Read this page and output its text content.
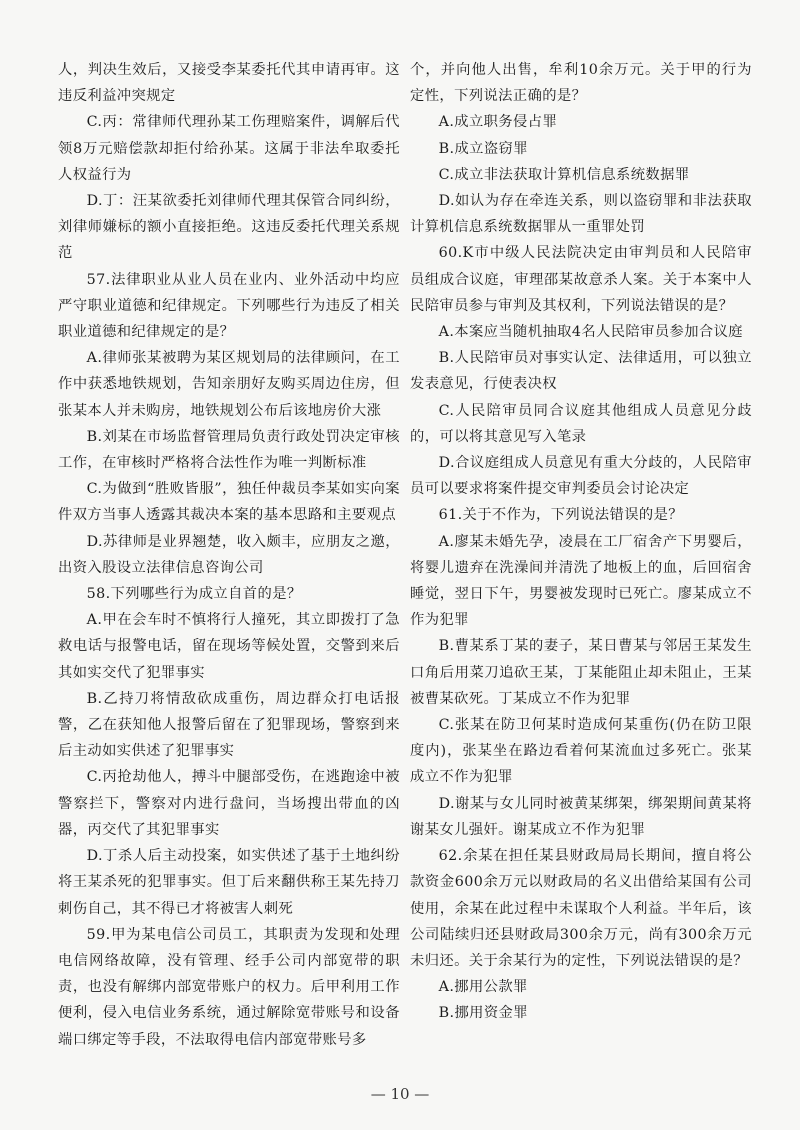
人，判决生效后，又接受李某委托代其申请再审。这违反利益冲突规定

C.丙：常律师代理孙某工伤理赔案件，调解后代领8万元赔偿款却拒付给孙某。这属于非法牟取委托人权益行为

D.丁：汪某欲委托刘律师代理其保管合同纠纷，刘律师嫌标的额小直接拒绝。这违反委托代理关系规范

57.法律职业从业人员在业内、业外活动中均应严守职业道德和纪律规定。下列哪些行为违反了相关职业道德和纪律规定的是？

A.律师张某被聘为某区规划局的法律顾问，在工作中获悉地铁规划，告知亲朋好友购买周边住房，但张某本人并未购房，地铁规划公布后该地房价大涨

B.刘某在市场监督管理局负责行政处罚决定审核工作，在审核时严格将合法性作为唯一判断标准

C.为做到“胜败皆服”，独任仲裁员李某如实向案件双方当事人透露其裁决本案的基本思路和主要观点

D.苏律师是业界翘楚，收入颇丰，应朋友之邀，出资入股设立法律信息咨询公司

58.下列哪些行为成立自首的是？

A.甲在会车时不慎将行人撞死，其立即拨打了急救电话与报警电话，留在现场等候处置，交警到来后其如实交代了犯罪事实

B.乙持刀将情敌砍成重伤，周边群众打电话报警，乙在获知他人报警后留在了犯罪现场，警察到来后主动如实供述了犯罪事实

C.丙抢劫他人，搏斗中腿部受伤，在逃跑途中被警察拦下，警察对内进行盘问，当场搜出带血的凶器，丙交代了其犯罪事实

D.丁杀人后主动投案，如实供述了基于土地纠纷将王某杀死的犯罪事实。但丁后来翻供称王某先持刀刺伤自己，其不得已才将被害人刺死

59.甲为某电信公司员工，其职责为发现和处理电信网络故障，没有管理、经手公司内部宽带的职责，也没有解绑内部宽带账户的权力。后甲利用工作便利，侵入电信业务系统，通过解除宽带账号和设备端口绑定等手段，不法取得电信内部宽带账号多

个，并向他人出售，牟利10余万元。关于甲的行为定性，下列说法正确的是？

A.成立职务侵占罪

B.成立盗窃罪

C.成立非法获取计算机信息系统数据罪

D.如认为存在牵连关系，则以盗窃罪和非法获取计算机信息系统数据罪从一重罪处罚

60.K市中级人民法院决定由审判员和人民陪审员组成合议庭，审理邵某故意杀人案。关于本案中人民陪审员参与审判及其权利，下列说法错误的是？

A.本案应当随机抽取4名人民陪审员参加合议庭

B.人民陪审员对事实认定、法律适用，可以独立发表意见，行使表决权

C.人民陪审员同合议庭其他组成人员意见分歧的，可以将其意见写入笔录

D.合议庭组成人员意见有重大分歧的，人民陪审员可以要求将案件提交审判委员会讨论决定

61.关于不作为，下列说法错误的是？

A.廖某未婚先孕，凌晨在工厂宿舍产下男婴后，将婴儿遗弃在洗澡间并清洗了地板上的血，后回宿舍睡觉，翌日下午，男婴被发现时已死亡。廖某成立不作为犯罪

B.曹某系丁某的妻子，某日曹某与邻居王某发生口角后用菜刀追砍王某，丁某能阻止却未阻止，王某被曹某砍死。丁某成立不作为犯罪

C.张某在防卫何某时造成何某重伤(仍在防卫限度内)，张某坐在路边看着何某流血过多死亡。张某成立不作为犯罪

D.谢某与女儿同时被黄某绑架，绑架期间黄某将谢某女儿强奸。谢某成立不作为犯罪

62.余某在担任某县财政局局长期间，擅自将公款资金600余万元以财政局的名义出借给某国有公司使用，余某在此过程中未谋取个人利益。半年后，该公司陆续归还县财政局300余万元，尚有300余万元未归还。关于余某行为的定性，下列说法错误的是？

A.挪用公款罪

B.挪用资金罪

— 10 —
